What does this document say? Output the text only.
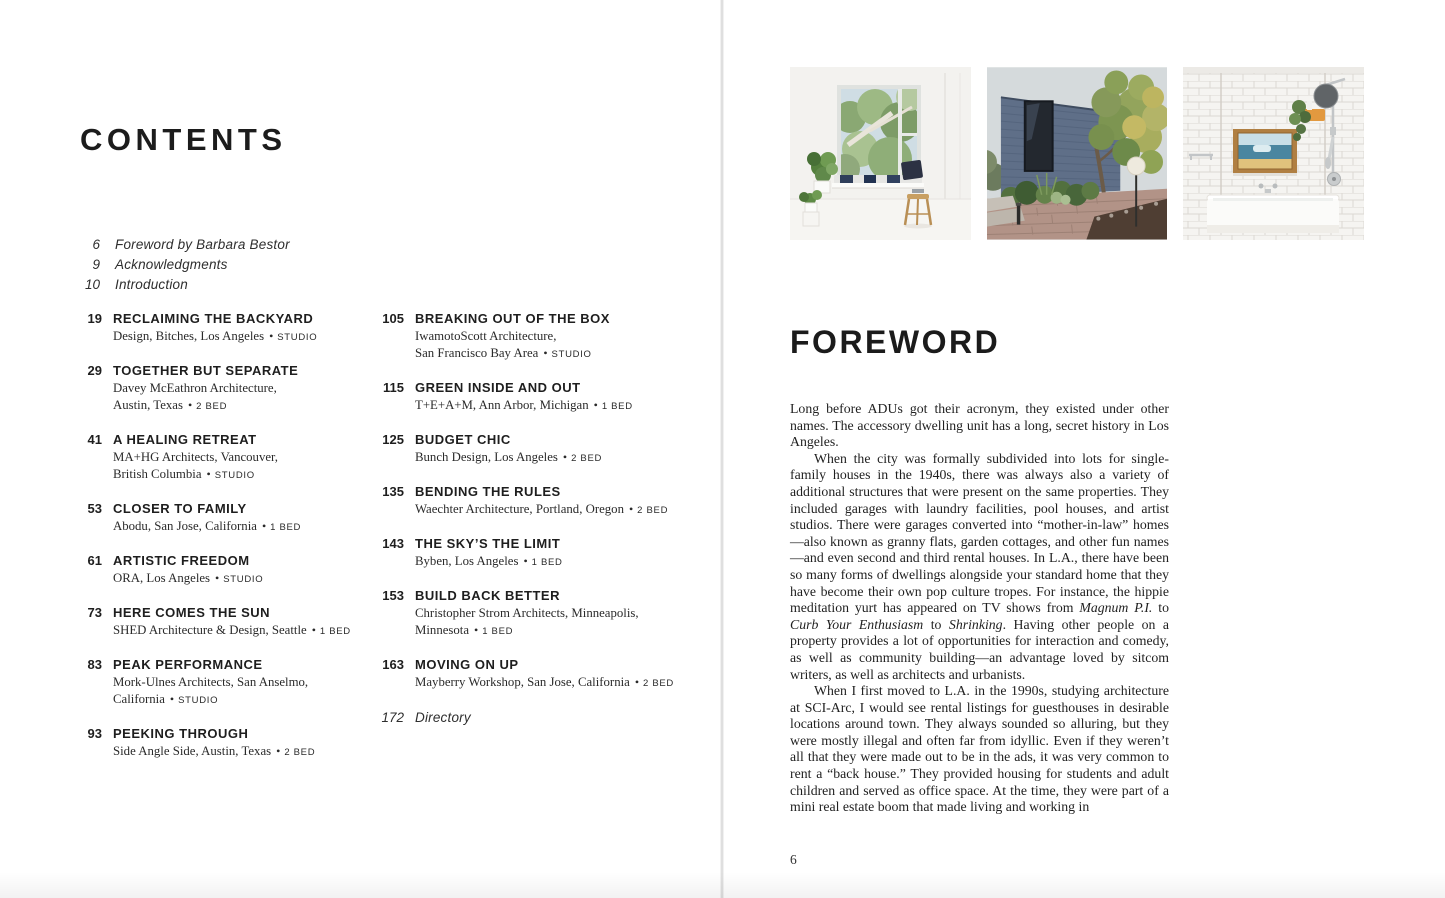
CONTENTS
6 Foreword by Barbara Bestor
9 Acknowledgments
10 Introduction
19 RECLAIMING THE BACKYARD
Design, Bitches, Los Angeles • STUDIO
29 TOGETHER BUT SEPARATE
Davey McEathron Architecture,
Austin, Texas • 2 BED
41 A HEALING RETREAT
MA+HG Architects, Vancouver,
British Columbia • STUDIO
53 CLOSER TO FAMILY
Abodu, San Jose, California • 1 BED
61 ARTISTIC FREEDOM
ORA, Los Angeles • STUDIO
73 HERE COMES THE SUN
SHED Architecture & Design, Seattle • 1 BED
83 PEAK PERFORMANCE
Mork-Ulnes Architects, San Anselmo,
California • STUDIO
93 PEEKING THROUGH
Side Angle Side, Austin, Texas • 2 BED
105 BREAKING OUT OF THE BOX
IwamotoScott Architecture,
San Francisco Bay Area • STUDIO
115 GREEN INSIDE AND OUT
T+E+A+M, Ann Arbor, Michigan • 1 BED
125 BUDGET CHIC
Bunch Design, Los Angeles • 2 BED
135 BENDING THE RULES
Waechter Architecture, Portland, Oregon • 2 BED
143 THE SKY’S THE LIMIT
Byben, Los Angeles • 1 BED
153 BUILD BACK BETTER
Christopher Strom Architects, Minneapolis,
Minnesota • 1 BED
163 MOVING ON UP
Mayberry Workshop, San Jose, California • 2 BED
172 Directory
FOREWORD

Long before ADUs got their acronym, they existed under other names. The accessory dwelling unit has a long, secret history in Los Angeles.

When the city was formally subdivided into lots for single-family houses in the 1940s, there was always also a variety of additional structures that were present on the same properties. They included garages with laundry facilities, pool houses, and artist studios. There were garages converted into “mother-in-law” homes—also known as granny flats, garden cottages, and other fun names—and even second and third rental houses. In L.A., there have been so many forms of dwellings alongside your standard home that they have become their own pop culture tropes. For instance, the hippie meditation yurt has appeared on TV shows from Magnum P.I. to Curb Your Enthusiasm to Shrinking. Having other people on a property provides a lot of opportunities for interaction and comedy, as well as community building—an advantage loved by sitcom writers, as well as architects and urbanists.

When I first moved to L.A. in the 1990s, studying architecture at SCI-Arc, I would see rental listings for guesthouses in desirable locations around town. They always sounded so alluring, but they were mostly illegal and often far from idyllic. Even if they weren’t all that they were made out to be in the ads, it was very common to rent a “back house.” They provided housing for students and adult children and served as office space. At the time, they were part of a mini real estate boom that made living and working in

6
